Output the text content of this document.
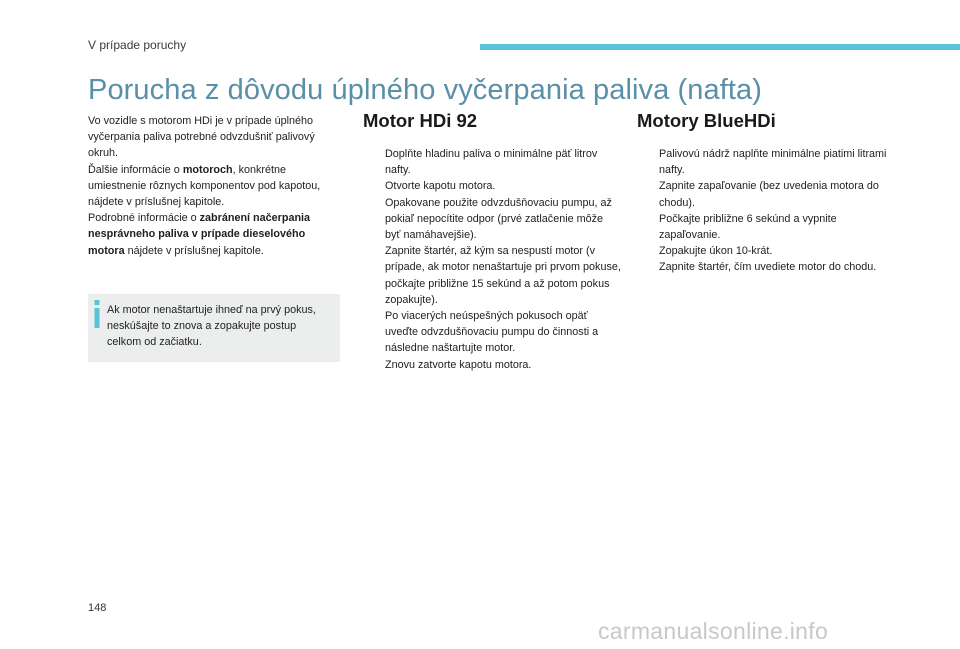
V prípade poruchy
Porucha z dôvodu úplného vyčerpania paliva (nafta)

Vo vozidle s motorom HDi je v prípade úplného vyčerpania paliva potrebné odvzdušniť palivový okruh.

Ďalšie informácie o motoroch, konkrétne umiestnenie rôznych komponentov pod kapotou, nájdete v príslušnej kapitole.

Podrobné informácie o zabránení načerpania nesprávneho paliva v prípade dieselového motora nájdete v príslušnej kapitole.

Ak motor nenaštartuje ihneď na prvý pokus, neskúšajte to znova a zopakujte postup celkom od začiatku.
Motor HDi 92
Doplňte hladinu paliva o minimálne päť litrov nafty.
Otvorte kapotu motora.
Opakovane použite odvzdušňovaciu pumpu, až pokiaľ nepocítite odpor (prvé zatlačenie môže byť namáhavejšie).
Zapnite štartér, až kým sa nespustí motor (v prípade, ak motor nenaštartuje pri prvom pokuse, počkajte približne 15 sekúnd a až potom pokus zopakujte).
Po viacerých neúspešných pokusoch opäť uveďte odvzdušňovaciu pumpu do činnosti a následne naštartujte motor.
Znovu zatvorte kapotu motora.
Motory BlueHDi
Palivovú nádrž naplňte minimálne piatimi litrami nafty.
Zapnite zapaľovanie (bez uvedenia motora do chodu).
Počkajte približne 6 sekúnd a vypnite zapaľovanie.
Zopakujte úkon 10-krát.
Zapnite štartér, čím uvediete motor do chodu.
148
carmanualsonline.info
